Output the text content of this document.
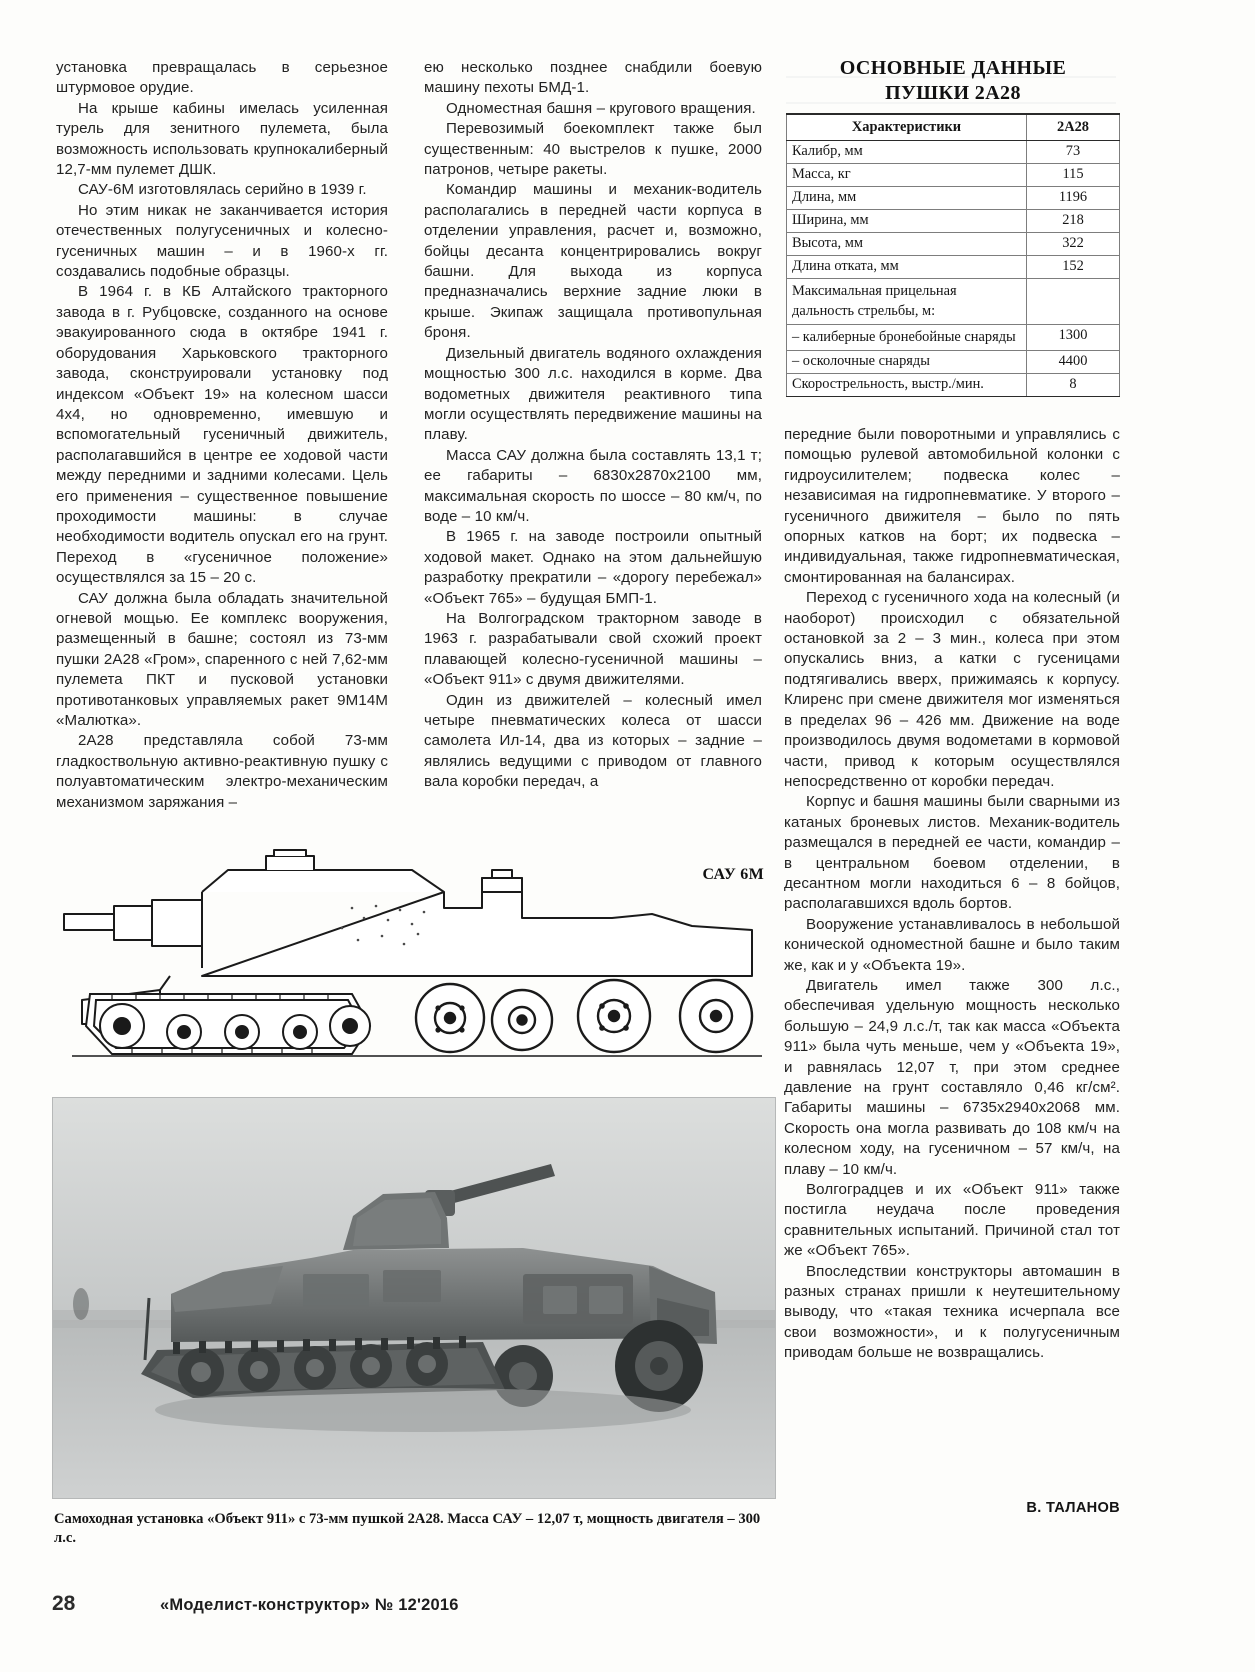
установка превращалась в серьезное штурмовое орудие.

На крыше кабины имелась усиленная турель для зенитного пулемета, была возможность использовать крупнокалиберный 12,7-мм пулемет ДШК.

САУ-6М изготовлялась серийно в 1939 г.

Но этим никак не заканчивается история отечественных полугусеничных и колесно-гусеничных машин – и в 1960-х гг. создавались подобные образцы.

В 1964 г. в КБ Алтайского тракторного завода в г. Рубцовске, созданного на основе эвакуированного сюда в октябре 1941 г. оборудования Харьковского тракторного завода, сконструировали установку под индексом «Объект 19» на колесном шасси 4х4, но одновременно, имевшую и вспомогательный гусеничный движитель, располагавшийся в центре ее ходовой части между передними и задними колесами. Цель его применения – существенное повышение проходимости машины: в случае необходимости водитель опускал его на грунт. Переход в «гусеничное положение» осуществлялся за 15 – 20 с.

САУ должна была обладать значительной огневой мощью. Ее комплекс вооружения, размещенный в башне; состоял из 73-мм пушки 2А28 «Гром», спаренного с ней 7,62-мм пулемета ПКТ и пусковой установки противотанковых управляемых ракет 9М14М «Малютка».

2А28 представляла собой 73-мм гладкоствольную активно-реактивную пушку с полуавтоматическим электро-механическим механизмом заряжания –

ею несколько позднее снабдили боевую машину пехоты БМД-1.

Одноместная башня – кругового вращения.

Перевозимый боекомплект также был существенным: 40 выстрелов к пушке, 2000 патронов, четыре ракеты.

Командир машины и механик-водитель располагались в передней части корпуса в отделении управления, расчет и, возможно, бойцы десанта концентрировались вокруг башни. Для выхода из корпуса предназначались верхние задние люки в крыше. Экипаж защищала противопульная броня.

Дизельный двигатель водяного охлаждения мощностью 300 л.с. находился в корме. Два водометных движителя реактивного типа могли осуществлять передвижение машины на плаву.

Масса САУ должна была составлять 13,1 т; ее габариты – 6830х2870х2100 мм, максимальная скорость по шоссе – 80 км/ч, по воде – 10 км/ч.

В 1965 г. на заводе построили опытный ходовой макет. Однако на этом дальнейшую разработку прекратили – «дорогу перебежал» «Объект 765» – будущая БМП-1.

На Волгоградском тракторном заводе в 1963 г. разрабатывали свой схожий проект плавающей колесно-гусеничной машины – «Объект 911» с двумя движителями.

Один из движителей – колесный имел четыре пневматических колеса от шасси самолета Ил-14, два из которых – задние – являлись ведущими с приводом от главного вала коробки передач, а

ОСНОВНЫЕ ДАННЫЕ
ПУШКИ 2А28
Характеристики	2А28
Калибр, мм	73
Масса, кг	115
Длина, мм	1196
Ширина, мм	218
Высота, мм	322
Длина отката, мм	152
Максимальная прицельная дальность стрельбы, м:	
– калиберные бронебойные снаряды	1300
– осколочные снаряды	4400
Скорострельность, выстр./мин.	8

передние были поворотными и управлялись с помощью рулевой автомобильной колонки с гидроусилителем; подвеска колес – независимая на гидропневматике. У второго – гусеничного движителя – было по пять опорных катков на борт; их подвеска – индивидуальная, также гидропневматическая, смонтированная на балансирах.

Переход с гусеничного хода на колесный (и наоборот) происходил с обязательной остановкой за 2 – 3 мин., колеса при этом опускались вниз, а катки с гусеницами подтягивались вверх, прижимаясь к корпусу. Клиренс при смене движителя мог изменяться в пределах 96 – 426 мм. Движение на воде производилось двумя водометами в кормовой части, привод к которым осуществлялся непосредственно от коробки передач.

Корпус и башня машины были сварными из катаных броневых листов. Механик-водитель размещался в передней ее части, командир – в центральном боевом отделении, в десантном могли находиться 6 – 8 бойцов, располагавшихся вдоль бортов.

Вооружение устанавливалось в небольшой конической одноместной башне и было таким же, как и у «Объекта 19».

Двигатель имел также 300 л.с., обеспечивая удельную мощность несколько большую – 24,9 л.с./т, так как масса «Объекта 911» была чуть меньше, чем у «Объекта 19», и равнялась 12,07 т, при этом среднее давление на грунт составляло 0,46 кг/см². Габариты машины – 6735х2940х2068 мм. Скорость она могла развивать до 108 км/ч на колесном ходу, на гусеничном – 57 км/ч, на плаву – 10 км/ч.

Волгоградцев и их «Объект 911» также постигла неудача после проведения сравнительных испытаний. Причиной стал тот же «Объект 765».

Впоследствии конструкторы автомашин в разных странах пришли к неутешительному выводу, что «такая техника исчерпала все свои возможности», и к полугусеничным приводам больше не возвращались.

САУ 6М
Самоходная установка «Объект 911» с 73-мм пушкой 2А28. Масса САУ – 12,07 т, мощность двигателя – 300 л.с.
В. ТАЛАНОВ
28	«Моделист-конструктор» № 12'2016
